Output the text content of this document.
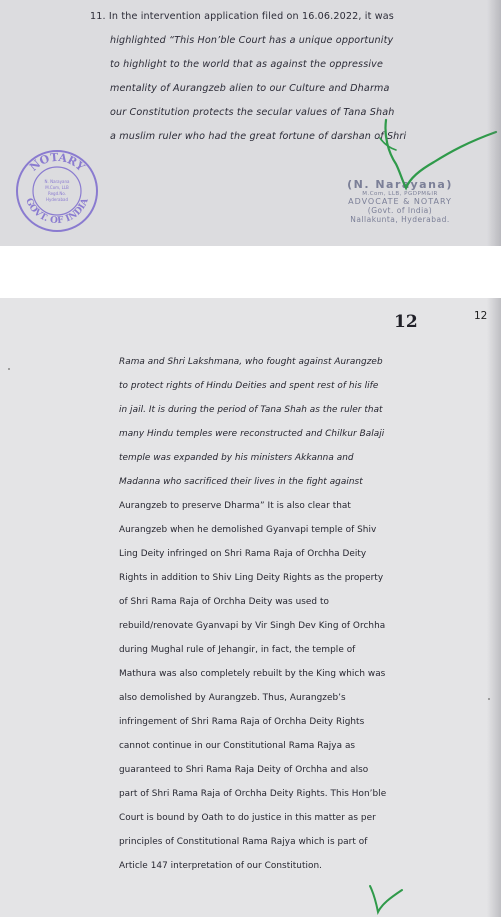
11. In the intervention application filed on 16.06.2022, it was
highlighted “This Hon’ble Court has a unique opportunity
to highlight to the world that as against the oppressive
mentality of Aurangzeb alien to our Culture and Dharma
our Constitution protects the secular values of Tana Shah
a muslim ruler who had the great fortune of darshan of Shri
NOTARY
GOVT. OF INDIA
N. Narayana
M.Com, LLB
Regd.No.
Hyderabad
(N. Narayana)
M.Com, LLB, PGDPM&IR
ADVOCATE & NOTARY
(Govt. of India)
Nallakunta, Hyderabad.
12
Rama and Shri Lakshmana, who fought against Aurangzeb
to protect rights of Hindu Deities and spent rest of his life
in jail. It is during the period of Tana Shah as the ruler that
many Hindu temples were reconstructed and Chilkur Balaji
temple was expanded by his ministers Akkanna and
Madanna who sacrificed their lives in the fight against
Aurangzeb to preserve Dharma” It is also clear that
Aurangzeb when he demolished Gyanvapi temple of Shiv
Ling Deity infringed on Shri Rama Raja of Orchha Deity
Rights in addition to Shiv Ling Deity Rights as the property
of Shri Rama Raja of Orchha Deity was used to
rebuild/renovate Gyanvapi by Vir Singh Dev King of Orchha
during Mughal rule of Jehangir, in fact, the temple of
Mathura was also completely rebuilt by the King which was
also demolished by Aurangzeb. Thus, Aurangzeb’s
infringement of Shri Rama Raja of Orchha Deity Rights
cannot continue in our Constitutional Rama Rajya as
guaranteed to Shri Rama Raja Deity of Orchha and also
part of Shri Rama Raja of Orchha Deity Rights. This Hon’ble
Court is bound by Oath to do justice in this matter as per
principles of Constitutional Rama Rajya which is part of
Article 147 interpretation of our Constitution.
12
